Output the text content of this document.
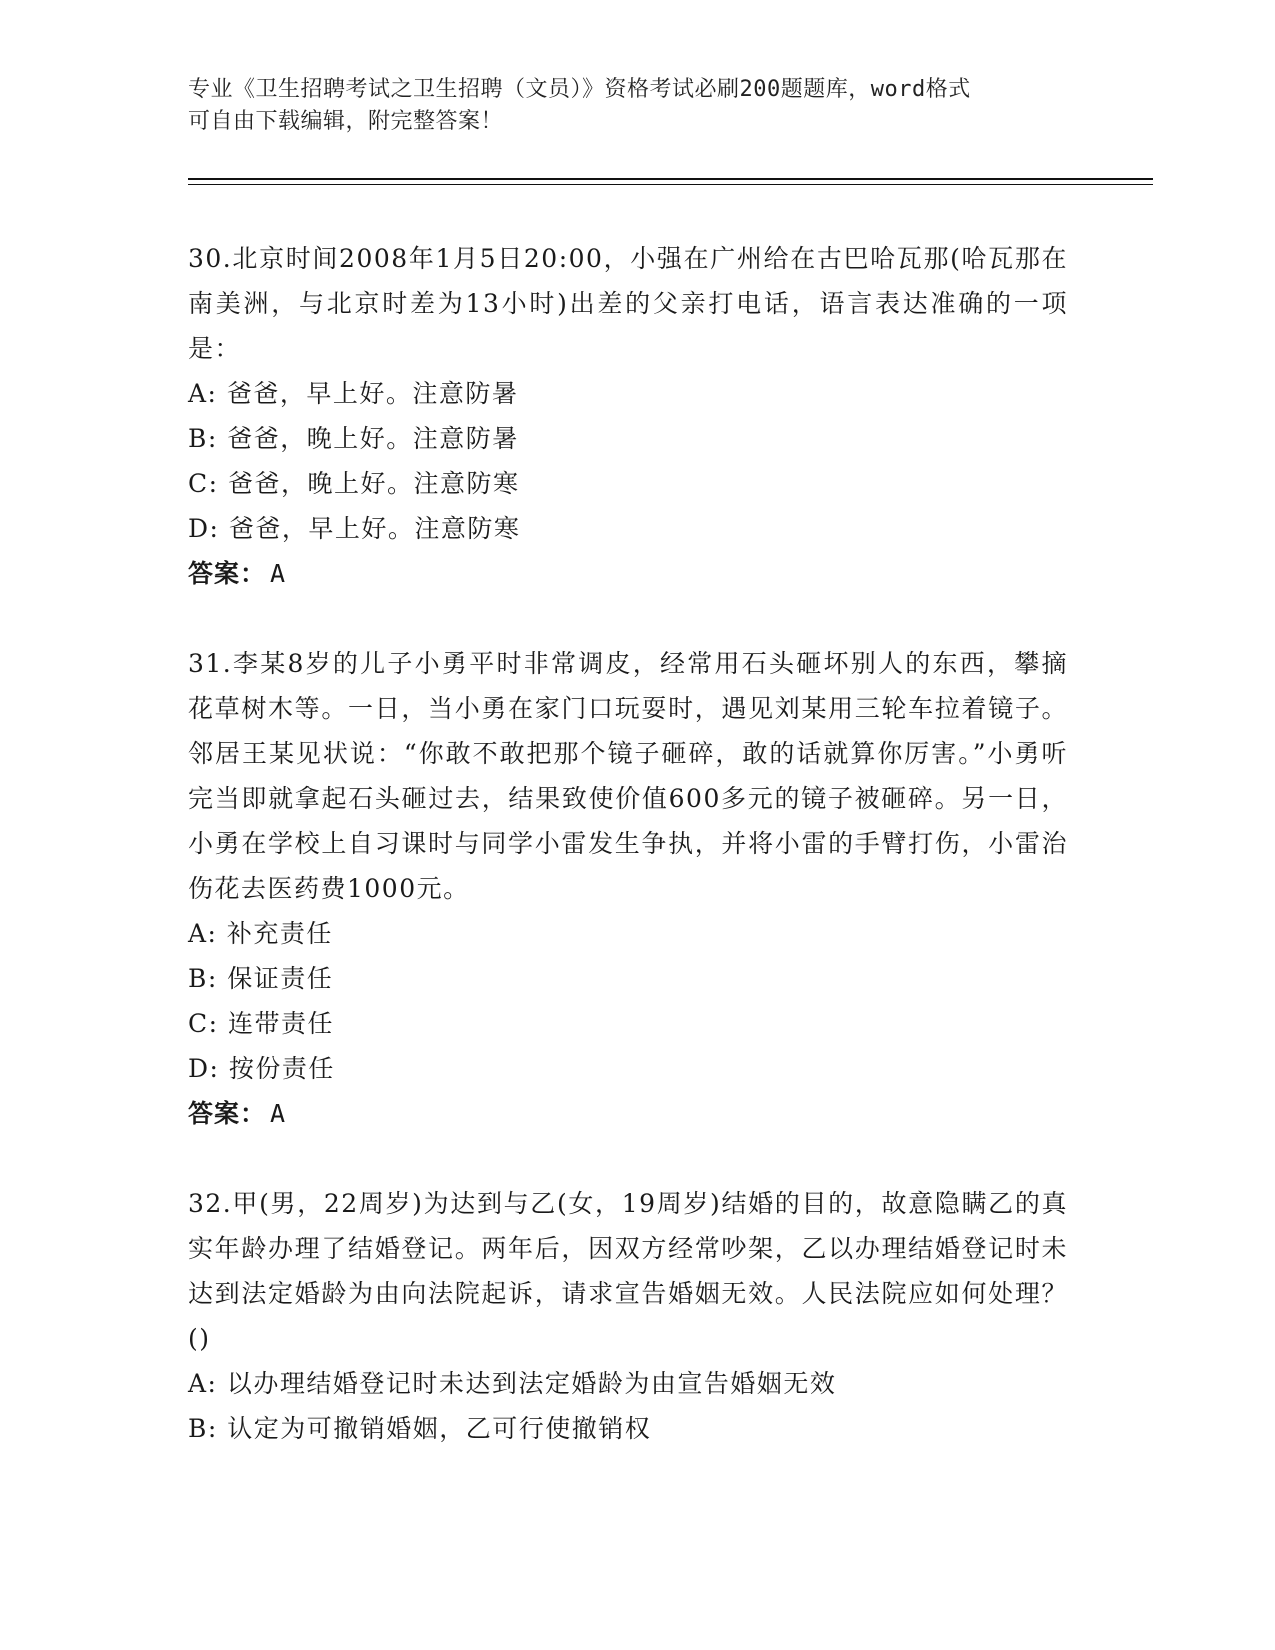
专业《卫生招聘考试之卫生招聘（文员）》资格考试必刷200题题库，word格式
可自由下载编辑，附完整答案！
30.北京时间2008年1月5日20:00，小强在广州给在古巴哈瓦那(哈瓦那在南美洲，与北京时差为13小时)出差的父亲打电话，语言表达准确的一项是：
A: 爸爸，早上好。注意防暑
B: 爸爸，晚上好。注意防暑
C: 爸爸，晚上好。注意防寒
D: 爸爸，早上好。注意防寒
答案： A
31.李某8岁的儿子小勇平时非常调皮，经常用石头砸坏别人的东西，攀摘花草树木等。一日，当小勇在家门口玩耍时，遇见刘某用三轮车拉着镜子。邻居王某见状说：“你敢不敢把那个镜子砸碎，敢的话就算你厉害。”小勇听完当即就拿起石头砸过去，结果致使价值600多元的镜子被砸碎。另一日，小勇在学校上自习课时与同学小雷发生争执，并将小雷的手臂打伤，小雷治伤花去医药费1000元。
A: 补充责任
B: 保证责任
C: 连带责任
D: 按份责任
答案： A
32.甲(男，22周岁)为达到与乙(女，19周岁)结婚的目的，故意隐瞒乙的真实年龄办理了结婚登记。两年后，因双方经常吵架，乙以办理结婚登记时未达到法定婚龄为由向法院起诉，请求宣告婚姻无效。人民法院应如何处理？()
A: 以办理结婚登记时未达到法定婚龄为由宣告婚姻无效
B: 认定为可撤销婚姻，乙可行使撤销权
